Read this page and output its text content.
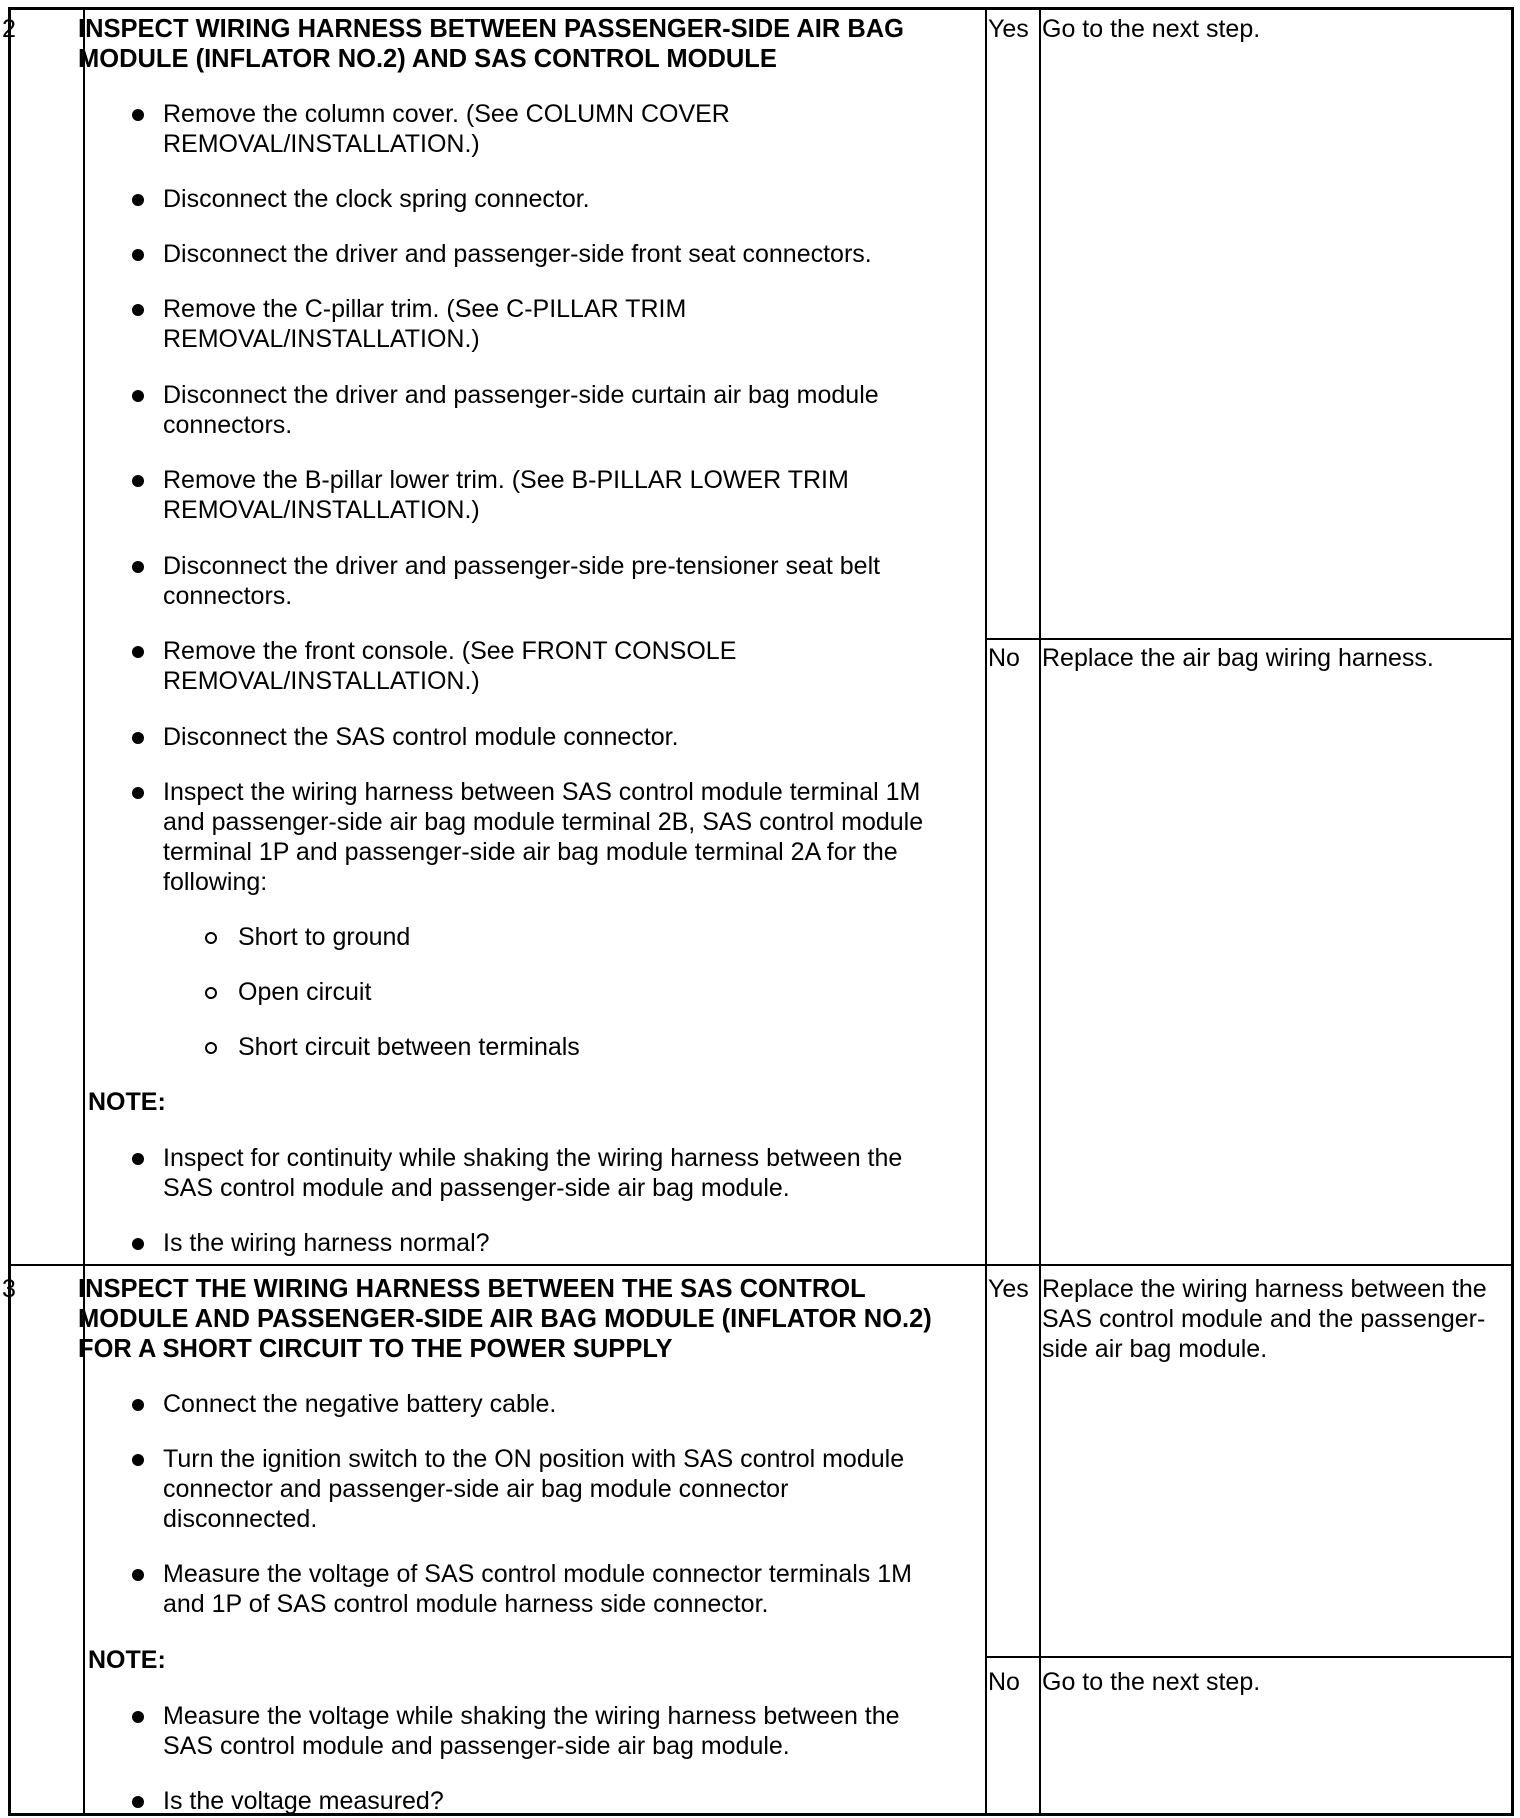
2 INSPECT WIRING HARNESS BETWEEN PASSENGER-SIDE AIR BAG MODULE (INFLATOR NO.2) AND SAS CONTROL MODULE
Remove the column cover. (See COLUMN COVER REMOVAL/INSTALLATION.)
Disconnect the clock spring connector.
Disconnect the driver and passenger-side front seat connectors.
Remove the C-pillar trim. (See C-PILLAR TRIM REMOVAL/INSTALLATION.)
Disconnect the driver and passenger-side curtain air bag module connectors.
Remove the B-pillar lower trim. (See B-PILLAR LOWER TRIM REMOVAL/INSTALLATION.)
Disconnect the driver and passenger-side pre-tensioner seat belt connectors.
Remove the front console. (See FRONT CONSOLE REMOVAL/INSTALLATION.)
Disconnect the SAS control module connector.
Inspect the wiring harness between SAS control module terminal 1M and passenger-side air bag module terminal 2B, SAS control module terminal 1P and passenger-side air bag module terminal 2A for the following:
Short to ground
Open circuit
Short circuit between terminals
NOTE:
Inspect for continuity while shaking the wiring harness between the SAS control module and passenger-side air bag module.
Is the wiring harness normal?
Yes Go to the next step.
No Replace the air bag wiring harness.
3 INSPECT THE WIRING HARNESS BETWEEN THE SAS CONTROL MODULE AND PASSENGER-SIDE AIR BAG MODULE (INFLATOR NO.2) FOR A SHORT CIRCUIT TO THE POWER SUPPLY
Connect the negative battery cable.
Turn the ignition switch to the ON position with SAS control module connector and passenger-side air bag module connector disconnected.
Measure the voltage of SAS control module connector terminals 1M and 1P of SAS control module harness side connector.
NOTE:
Measure the voltage while shaking the wiring harness between the SAS control module and passenger-side air bag module.
Is the voltage measured?
Yes Replace the wiring harness between the SAS control module and the passenger-side air bag module.
No Go to the next step.
